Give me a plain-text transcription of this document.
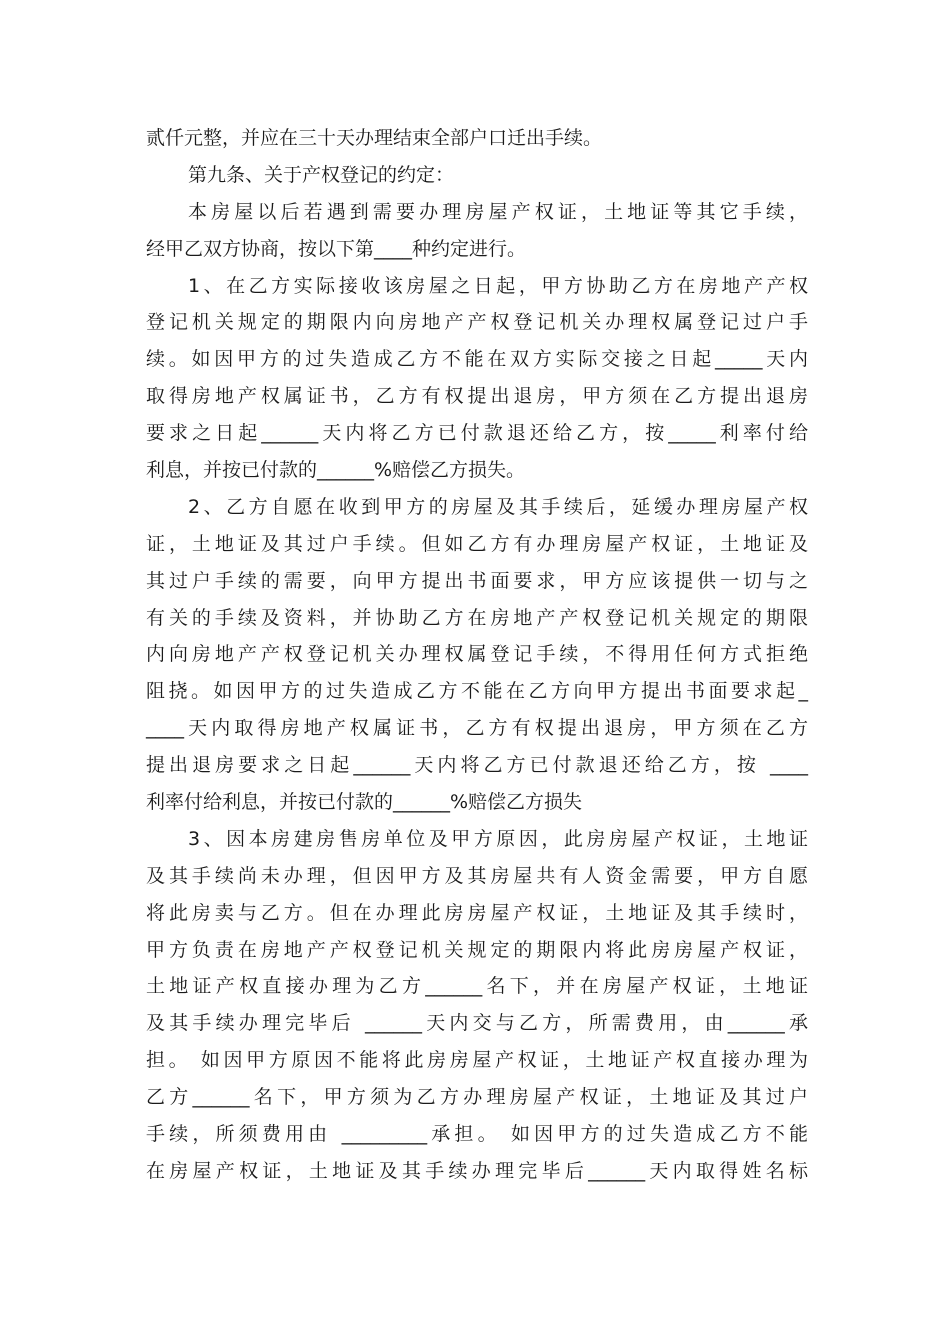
贰仟元整，并应在三十天办理结束全部户口迁出手续。
第九条、关于产权登记的约定：
本房屋以后若遇到需要办理房屋产权证，土地证等其它手续，
经甲乙双方协商，按以下第____种约定进行。
1、在乙方实际接收该房屋之日起，甲方协助乙方在房地产产权
登记机关规定的期限内向房地产产权登记机关办理权属登记过户手
续。如因甲方的过失造成乙方不能在双方实际交接之日起_____天内
取得房地产权属证书，乙方有权提出退房，甲方须在乙方提出退房
要求之日起______天内将乙方已付款退还给乙方，按_____利率付给
利息，并按已付款的______%赔偿乙方损失。
2、乙方自愿在收到甲方的房屋及其手续后，延缓办理房屋产权
证，土地证及其过户手续。但如乙方有办理房屋产权证，土地证及
其过户手续的需要，向甲方提出书面要求，甲方应该提供一切与之
有关的手续及资料，并协助乙方在房地产产权登记机关规定的期限
内向房地产产权登记机关办理权属登记手续，不得用任何方式拒绝
阻挠。如因甲方的过失造成乙方不能在乙方向甲方提出书面要求起_
____天内取得房地产权属证书，乙方有权提出退房，甲方须在乙方
提出退房要求之日起______天内将乙方已付款退还给乙方，按 ____
利率付给利息，并按已付款的______%赔偿乙方损失
3、因本房建房售房单位及甲方原因，此房房屋产权证，土地证
及其手续尚未办理，但因甲方及其房屋共有人资金需要，甲方自愿
将此房卖与乙方。但在办理此房房屋产权证，土地证及其手续时，
甲方负责在房地产产权登记机关规定的期限内将此房房屋产权证，
土地证产权直接办理为乙方______名下，并在房屋产权证，土地证
及其手续办理完毕后 ______天内交与乙方，所需费用，由______承
担。 如因甲方原因不能将此房房屋产权证，土地证产权直接办理为
乙方______名下，甲方须为乙方办理房屋产权证，土地证及其过户
手续，所须费用由 _________承担。 如因甲方的过失造成乙方不能
在房屋产权证，土地证及其手续办理完毕后______天内取得姓名标
